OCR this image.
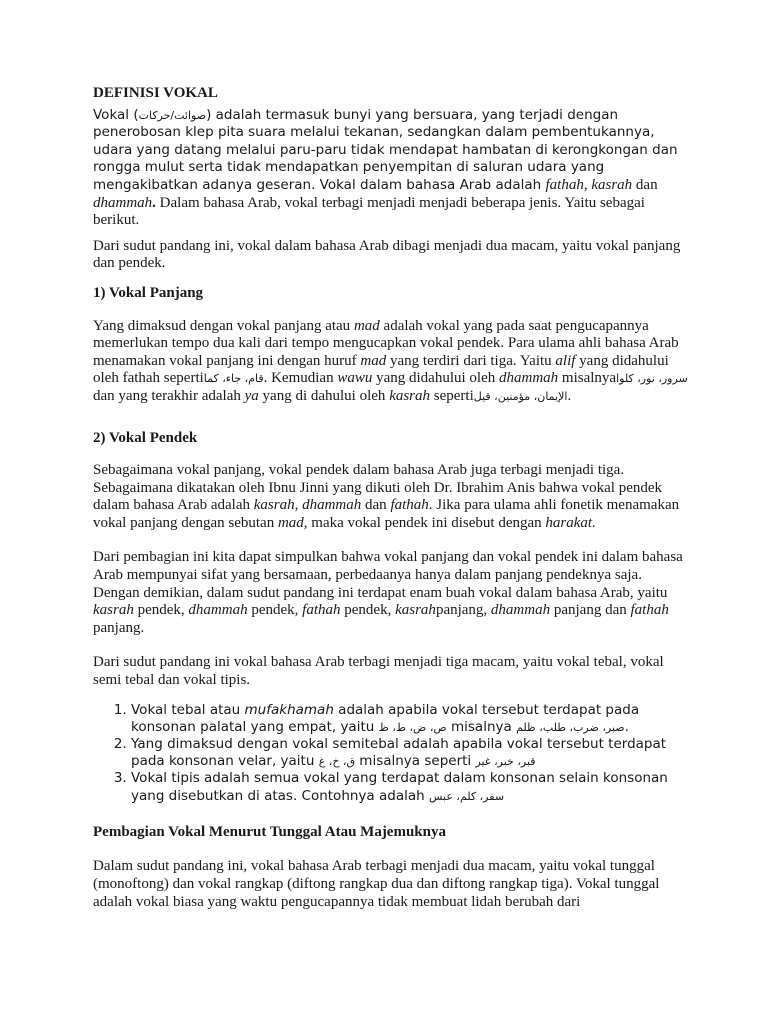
DEFINISI VOKAL

Vokal (صوائت/حركات) adalah termasuk bunyi yang bersuara, yang terjadi dengan penerobosan klep pita suara melalui tekanan, sedangkan dalam pembentukannya, udara yang datang melalui paru-paru tidak mendapat hambatan di kerongkongan dan rongga mulut serta tidak mendapatkan penyempitan di saluran udara yang mengakibatkan adanya geseran. Vokal dalam bahasa Arab adalah fathah, kasrah dan dhammah. Dalam bahasa Arab, vokal terbagi menjadi menjadi beberapa jenis. Yaitu sebagai berikut.

Dari sudut pandang ini, vokal dalam bahasa Arab dibagi menjadi dua macam, yaitu vokal panjang dan pendek.

1) Vokal Panjang

Yang dimaksud dengan vokal panjang atau mad adalah vokal yang pada saat pengucapannya memerlukan tempo dua kali dari tempo mengucapkan vokal pendek. Para ulama ahli bahasa Arab menamakan vokal panjang ini dengan huruf mad yang terdiri dari tiga. Yaitu alif yang didahului oleh fathah sepertiقام، جاء، كما. Kemudian wawu yang didahului oleh dhammah misalnyaسرور، نور، كلوا dan yang terakhir adalah ya yang di dahului oleh kasrah sepertiالإيمان، مؤمنين، قيل.

2) Vokal Pendek

Sebagaimana vokal panjang, vokal pendek dalam bahasa Arab juga terbagi menjadi tiga. Sebagaimana dikatakan oleh Ibnu Jinni yang dikuti oleh Dr. Ibrahim Anis bahwa vokal pendek dalam bahasa Arab adalah kasrah, dhammah dan fathah. Jika para ulama ahli fonetik menamakan vokal panjang dengan sebutan mad, maka vokal pendek ini disebut dengan harakat.

Dari pembagian ini kita dapat simpulkan bahwa vokal panjang dan vokal pendek ini dalam bahasa Arab mempunyai sifat yang bersamaan, perbedaanya hanya dalam panjang pendeknya saja. Dengan demikian, dalam sudut pandang ini terdapat enam buah vokal dalam bahasa Arab, yaitu kasrah pendek, dhammah pendek, fathah pendek, kasrahpanjang, dhammah panjang dan fathah panjang.

Dari sudut pandang ini vokal bahasa Arab terbagi menjadi tiga macam, yaitu vokal tebal, vokal semi tebal dan vokal tipis.

1. Vokal tebal atau mufakhamah adalah apabila vokal tersebut terdapat pada konsonan palatal yang empat, yaitu ص، ض، ط، ظ misalnya صبر، ضرب، طلب، ظلم.
2. Yang dimaksud dengan vokal semitebal adalah apabila vokal tersebut terdapat pada konsonan velar, yaitu ق، خ، غ misalnya seperti قبر، خبر، غير
3. Vokal tipis adalah semua vokal yang terdapat dalam konsonan selain konsonan yang disebutkan di atas. Contohnya adalah سفر، كلم، عبس

Pembagian Vokal Menurut Tunggal Atau Majemuknya

Dalam sudut pandang ini, vokal bahasa Arab terbagi menjadi dua macam, yaitu vokal tunggal (monoftong) dan vokal rangkap (diftong rangkap dua dan diftong rangkap tiga). Vokal tunggal adalah vokal biasa yang waktu pengucapannya tidak membuat lidah berubah dari
